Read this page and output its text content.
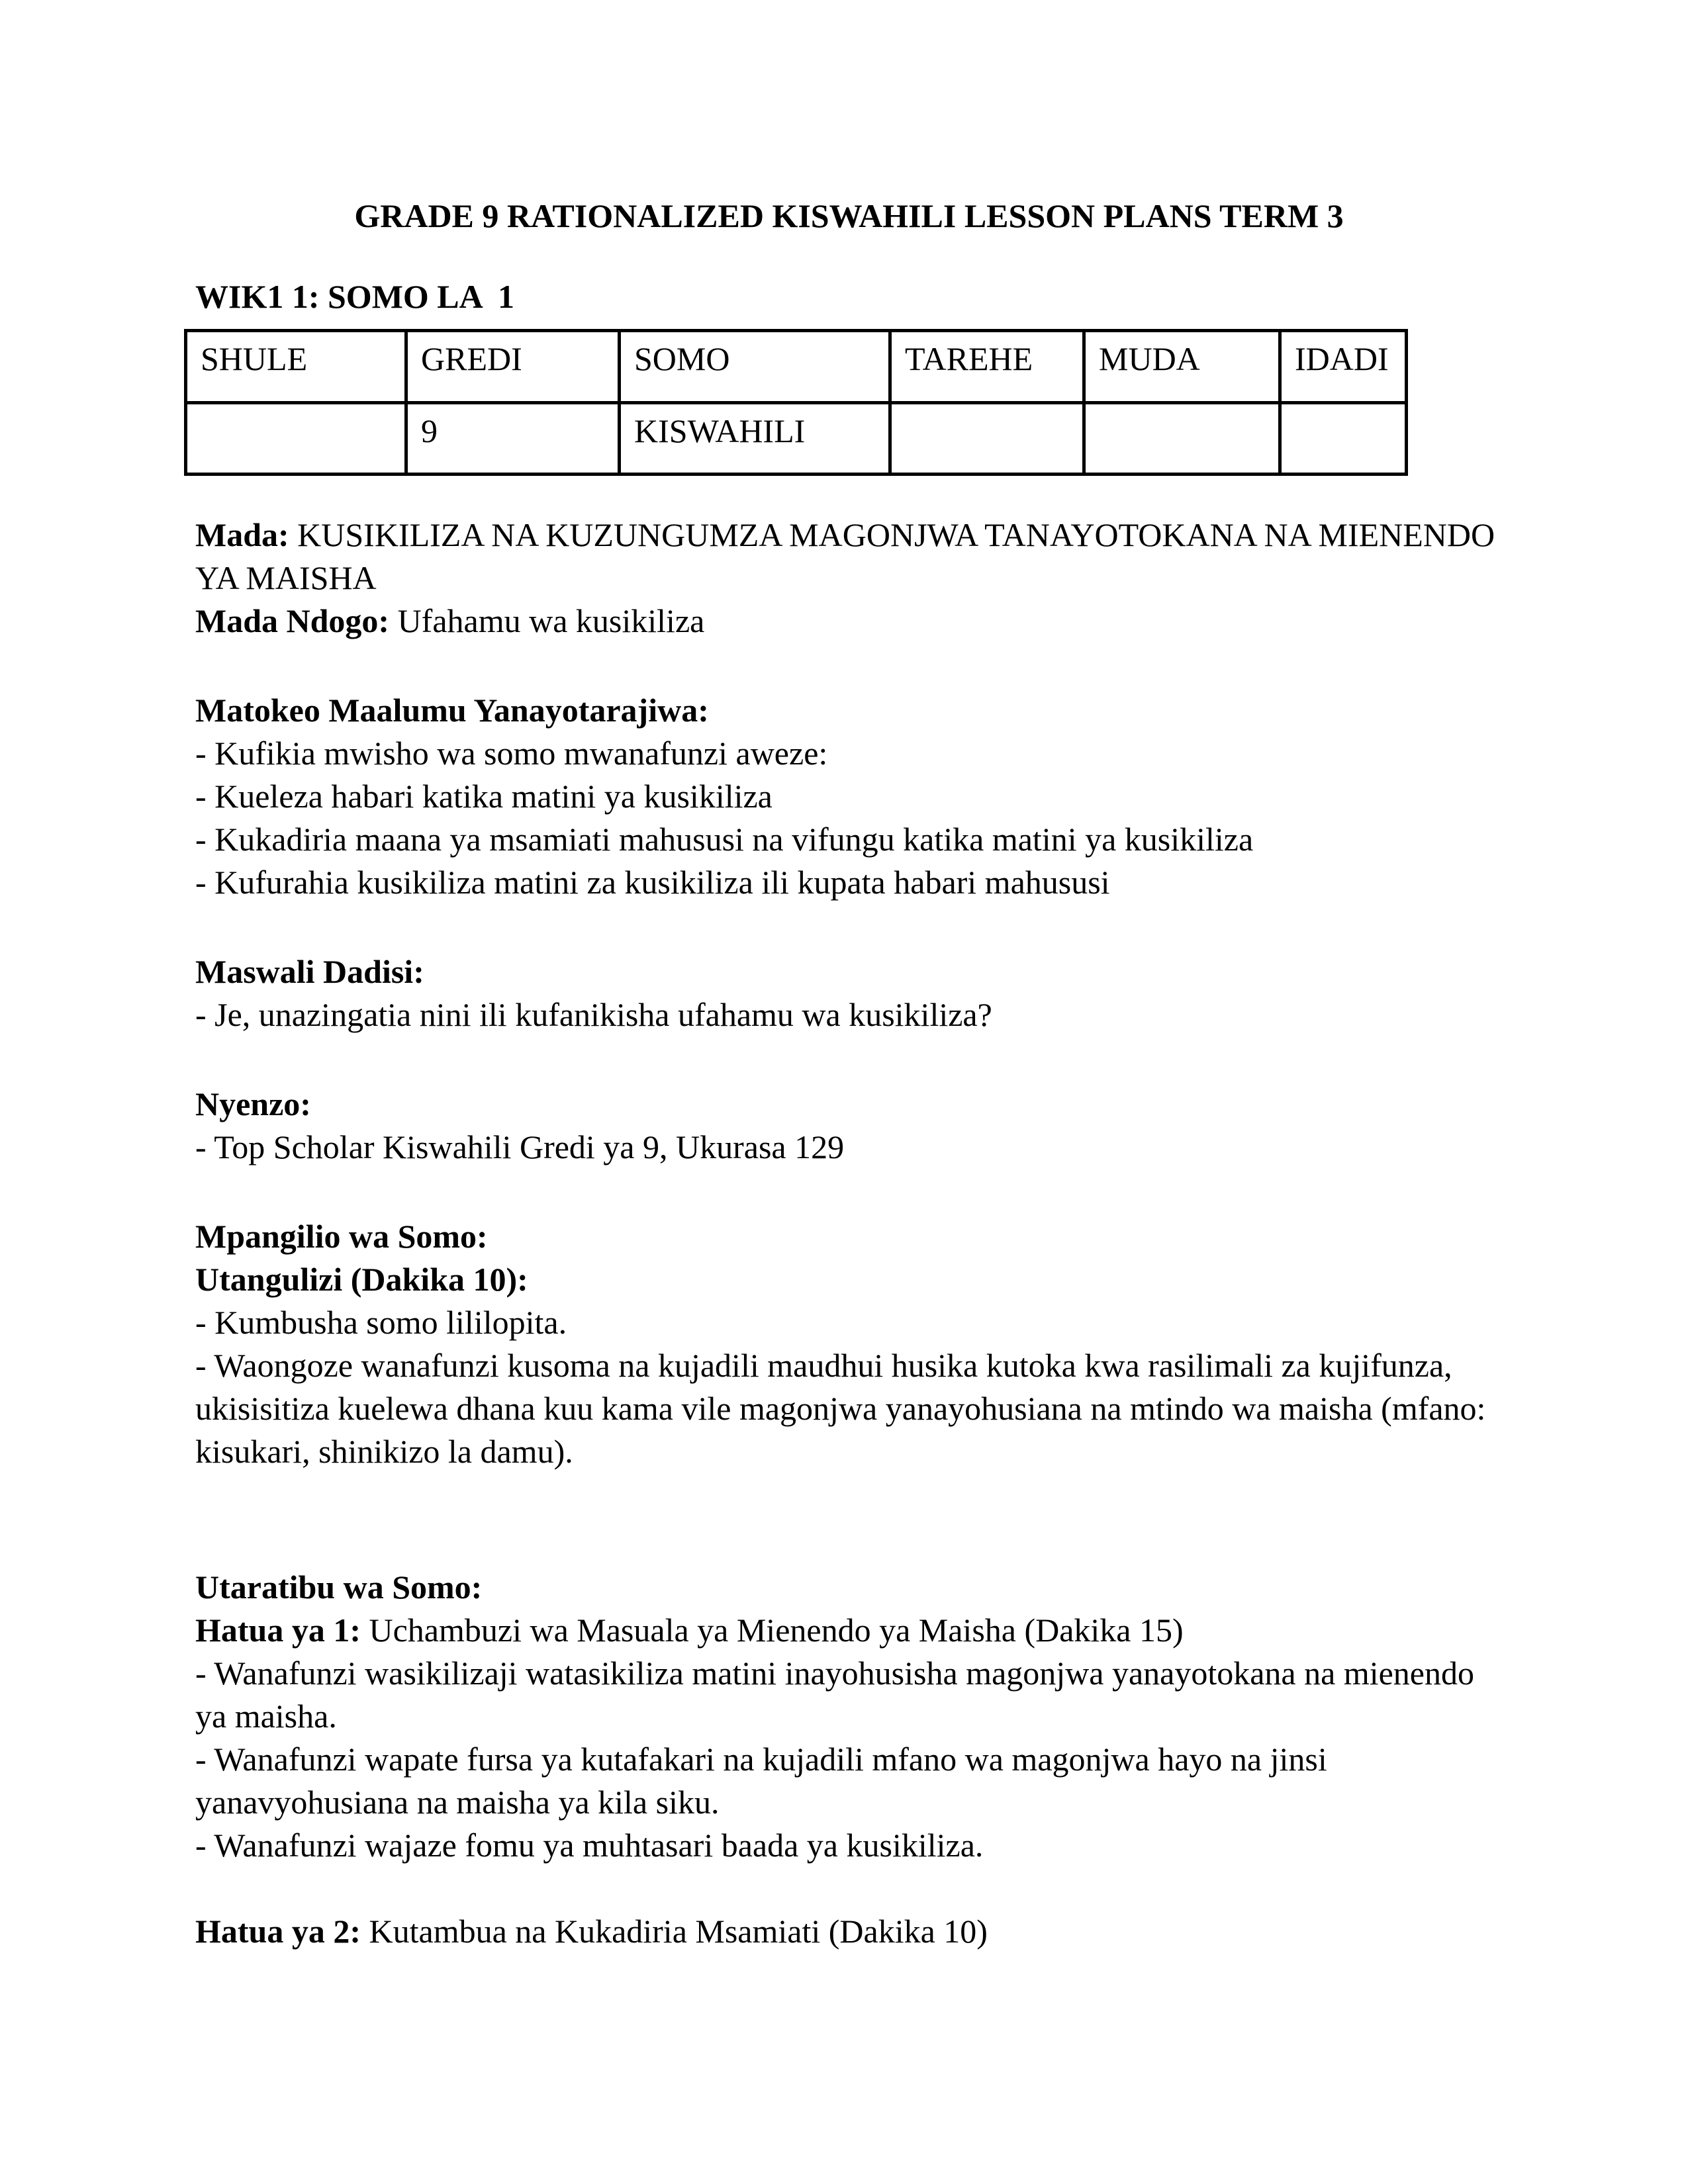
GRADE 9 RATIONALIZED KISWAHILI LESSON PLANS TERM 3

WIK1 1: SOMO LA  1

SHULE	GREDI	SOMO	TAREHE	MUDA	IDADI
	9	KISWAHILI			

Mada: KUSIKILIZA NA KUZUNGUMZA MAGONJWA TANAYOTOKANA NA MIENENDO YA MAISHA

Mada Ndogo: Ufahamu wa kusikiliza

Matokeo Maalumu Yanayotarajiwa:

- Kufikia mwisho wa somo mwanafunzi aweze:

- Kueleza habari katika matini ya kusikiliza

- Kukadiria maana ya msamiati mahususi na vifungu katika matini ya kusikiliza

- Kufurahia kusikiliza matini za kusikiliza ili kupata habari mahususi

Maswali Dadisi:

- Je, unazingatia nini ili kufanikisha ufahamu wa kusikiliza?

Nyenzo:

- Top Scholar Kiswahili Gredi ya 9, Ukurasa 129

Mpangilio wa Somo:

Utangulizi (Dakika 10):

- Kumbusha somo lililopita.

- Waongoze wanafunzi kusoma na kujadili maudhui husika kutoka kwa rasilimali za kujifunza, ukisisitiza kuelewa dhana kuu kama vile magonjwa yanayohusiana na mtindo wa maisha (mfano: kisukari, shinikizo la damu).

Utaratibu wa Somo:

Hatua ya 1: Uchambuzi wa Masuala ya Mienendo ya Maisha (Dakika 15)

- Wanafunzi wasikilizaji watasikiliza matini inayohusisha magonjwa yanayotokana na mienendo ya maisha.

- Wanafunzi wapate fursa ya kutafakari na kujadili mfano wa magonjwa hayo na jinsi yanavyohusiana na maisha ya kila siku.

- Wanafunzi wajaze fomu ya muhtasari baada ya kusikiliza.

Hatua ya 2: Kutambua na Kukadiria Msamiati (Dakika 10)
